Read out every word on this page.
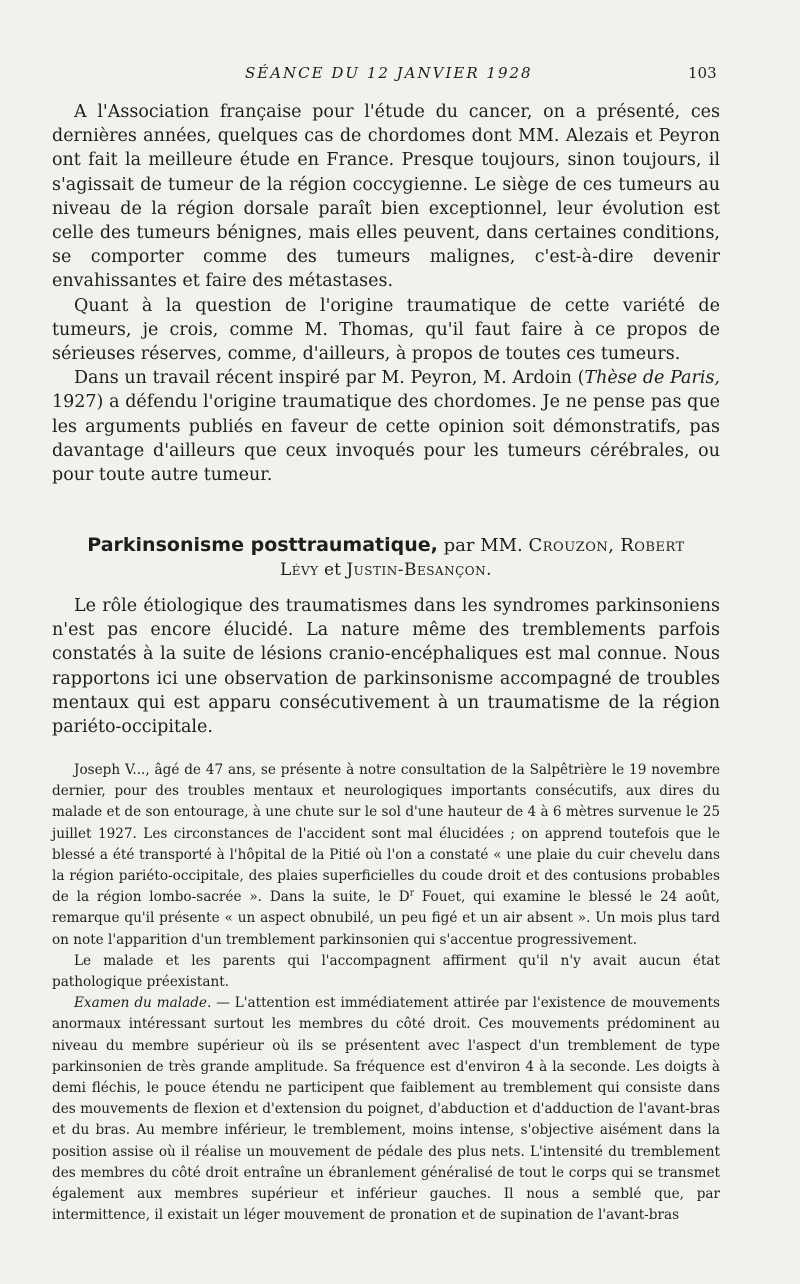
SÉANCE DU 12 JANVIER 1928	103

A l'Association française pour l'étude du cancer, on a présenté, ces dernières années, quelques cas de chordomes dont MM. Alezais et Peyron ont fait la meilleure étude en France. Presque toujours, sinon toujours, il s'agissait de tumeur de la région coccygienne. Le siège de ces tumeurs au niveau de la région dorsale paraît bien exceptionnel, leur évolution est celle des tumeurs bénignes, mais elles peuvent, dans certaines conditions, se comporter comme des tumeurs malignes, c'est-à-dire devenir envahissantes et faire des métastases.

Quant à la question de l'origine traumatique de cette variété de tumeurs, je crois, comme M. Thomas, qu'il faut faire à ce propos de sérieuses réserves, comme, d'ailleurs, à propos de toutes ces tumeurs.

Dans un travail récent inspiré par M. Peyron, M. Ardoin (Thèse de Paris, 1927) a défendu l'origine traumatique des chordomes. Je ne pense pas que les arguments publiés en faveur de cette opinion soit démonstratifs, pas davantage d'ailleurs que ceux invoqués pour les tumeurs cérébrales, ou pour toute autre tumeur.

Parkinsonisme posttraumatique, par MM. Crouzon, Robert
Lévy et Justin-Besançon.

Le rôle étiologique des traumatismes dans les syndromes parkinsoniens n'est pas encore élucidé. La nature même des tremblements parfois constatés à la suite de lésions cranio-encéphaliques est mal connue. Nous rapportons ici une observation de parkinsonisme accompagné de troubles mentaux qui est apparu consécutivement à un traumatisme de la région pariéto-occipitale.

Joseph V..., âgé de 47 ans, se présente à notre consultation de la Salpêtrière le 19 novembre dernier, pour des troubles mentaux et neurologiques importants consécutifs, aux dires du malade et de son entourage, à une chute sur le sol d'une hauteur de 4 à 6 mètres survenue le 25 juillet 1927. Les circonstances de l'accident sont mal élucidées ; on apprend toutefois que le blessé a été transporté à l'hôpital de la Pitié où l'on a constaté « une plaie du cuir chevelu dans la région pariéto-occipitale, des plaies superficielles du coude droit et des contusions probables de la région lombo-sacrée ». Dans la suite, le $D^r$ Fouet, qui examine le blessé le 24 août, remarque qu'il présente « un aspect obnubilé, un peu figé et un air absent ». Un mois plus tard on note l'apparition d'un tremblement parkinsonien qui s'accentue progressivement.

Le malade et les parents qui l'accompagnent affirment qu'il n'y avait aucun état pathologique préexistant.

Examen du malade. — L'attention est immédiatement attirée par l'existence de mouvements anormaux intéressant surtout les membres du côté droit. Ces mouvements prédominent au niveau du membre supérieur où ils se présentent avec l'aspect d'un tremblement de type parkinsonien de très grande amplitude. Sa fréquence est d'environ 4 à la seconde. Les doigts à demi fléchis, le pouce étendu ne participent que faiblement au tremblement qui consiste dans des mouvements de flexion et d'extension du poignet, d'abduction et d'adduction de l'avant-bras et du bras. Au membre inférieur, le tremblement, moins intense, s'objective aisément dans la position assise où il réalise un mouvement de pédale des plus nets. L'intensité du tremblement des membres du côté droit entraîne un ébranlement généralisé de tout le corps qui se transmet également aux membres supérieur et inférieur gauches. Il nous a semblé que, par intermittence, il existait un léger mouvement de pronation et de supination de l'avant-bras
